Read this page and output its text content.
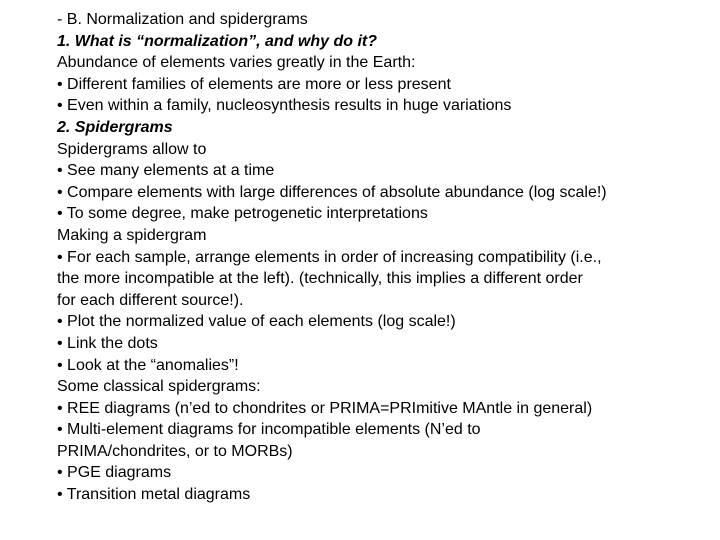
- B. Normalization and spidergrams
1. What is “normalization”, and why do it?
Abundance of elements varies greatly in the Earth:
• Different families of elements are more or less present
• Even within a family, nucleosynthesis results in huge variations
2. Spidergrams
Spidergrams allow to
• See many elements at a time
• Compare elements with large differences of absolute abundance (log scale!)
• To some degree, make petrogenetic interpretations
Making a spidergram
• For each sample, arrange elements in order of increasing compatibility (i.e.,
the more incompatible at the left). (technically, this implies a different order
for each different source!).
• Plot the normalized value of each elements (log scale!)
• Link the dots
• Look at the “anomalies”!
Some classical spidergrams:
• REE diagrams (n’ed to chondrites or PRIMA=PRImitive MAntle in general)
• Multi-element diagrams for incompatible elements (N’ed to
PRIMA/chondrites, or to MORBs)
• PGE diagrams
• Transition metal diagrams
